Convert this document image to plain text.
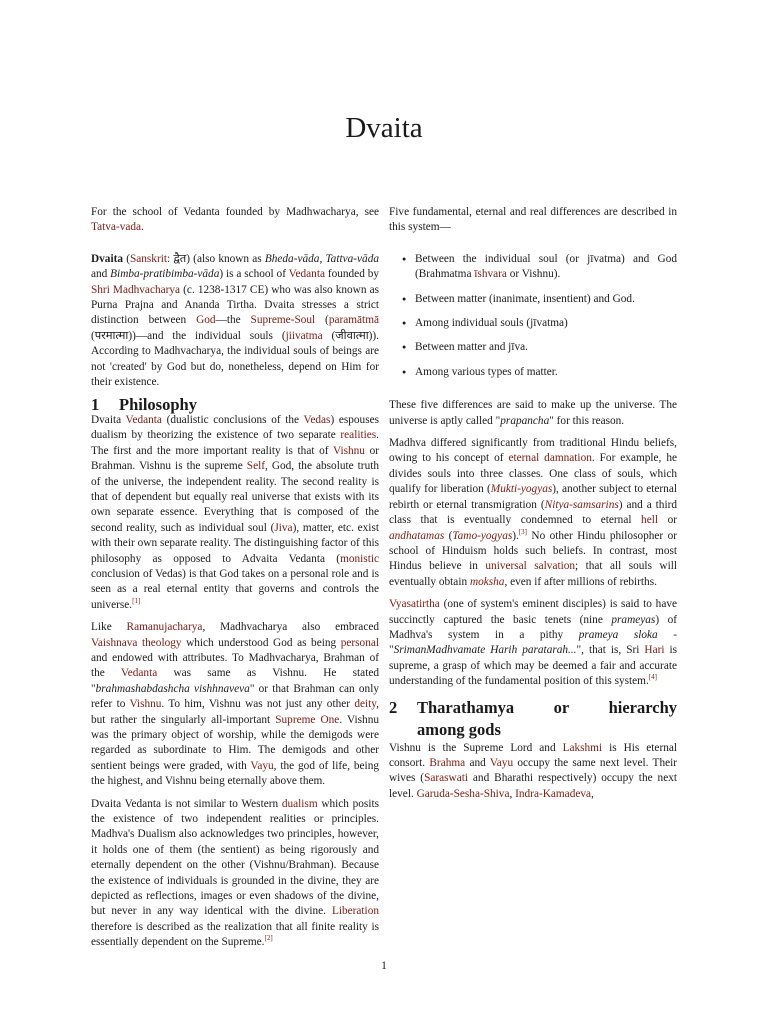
Dvaita

For the school of Vedanta founded by Madhwacharya, see Tatva-vada.

Dvaita (Sanskrit: द्वैत) (also known as Bheda-vāda, Tattva-vāda and Bimba-pratibimba-vāda) is a school of Vedanta founded by Shri Madhvacharya (c. 1238-1317 CE) who was also known as Purna Prajna and Ananda Tirtha. Dvaita stresses a strict distinction between God—the Supreme-Soul (paramātmā (परमात्मा))—and the individual souls (jiivatma (जीवात्मा)). According to Madhvacharya, the individual souls of beings are not 'created' by God but do, nonetheless, depend on Him for their existence.

1	Philosophy

Dvaita Vedanta (dualistic conclusions of the Vedas) espouses dualism by theorizing the existence of two separate realities. The first and the more important reality is that of Vishnu or Brahman. Vishnu is the supreme Self, God, the absolute truth of the universe, the independent reality. The second reality is that of dependent but equally real universe that exists with its own separate essence. Everything that is composed of the second reality, such as individual soul (Jiva), matter, etc. exist with their own separate reality. The distinguishing factor of this philosophy as opposed to Advaita Vedanta (monistic conclusion of Vedas) is that God takes on a personal role and is seen as a real eternal entity that governs and controls the universe.[1]

Like Ramanujacharya, Madhvacharya also embraced Vaishnava theology which understood God as being personal and endowed with attributes. To Madhvacharya, Brahman of the Vedanta was same as Vishnu. He stated "brahmashabdashcha vishhnaveva" or that Brahman can only refer to Vishnu. To him, Vishnu was not just any other deity, but rather the singularly all-important Supreme One. Vishnu was the primary object of worship, while the demigods were regarded as subordinate to Him. The demigods and other sentient beings were graded, with Vayu, the god of life, being the highest, and Vishnu being eternally above them.

Dvaita Vedanta is not similar to Western dualism which posits the existence of two independent realities or principles. Madhva's Dualism also acknowledges two principles, however, it holds one of them (the sentient) as being rigorously and eternally dependent on the other (Vishnu/Brahman). Because the existence of individuals is grounded in the divine, they are depicted as reflections, images or even shadows of the divine, but never in any way identical with the divine. Liberation therefore is described as the realization that all finite reality is essentially dependent on the Supreme.[2]

Five fundamental, eternal and real differences are described in this system—

● Between the individual soul (or jīvatma) and God (Brahmatma īshvara or Vishnu).
● Between matter (inanimate, insentient) and God.
● Among individual souls (jīvatma)
● Between matter and jīva.
● Among various types of matter.

These five differences are said to make up the universe. The universe is aptly called "prapancha" for this reason.

Madhva differed significantly from traditional Hindu beliefs, owing to his concept of eternal damnation. For example, he divides souls into three classes. One class of souls, which qualify for liberation (Mukti-yogyas), another subject to eternal rebirth or eternal transmigration (Nitya-samsarins) and a third class that is eventually condemned to eternal hell or andhatamas (Tamo-yogyas).[3] No other Hindu philosopher or school of Hinduism holds such beliefs. In contrast, most Hindus believe in universal salvation; that all souls will eventually obtain moksha, even if after millions of rebirths.

Vyasatirtha (one of system's eminent disciples) is said to have succinctly captured the basic tenets (nine prameyas) of Madhva's system in a pithy prameya sloka - "SrimanMadhvamate Harih paratarah...", that is, Sri Hari is supreme, a grasp of which may be deemed a fair and accurate understanding of the fundamental position of this system.[4]

2	Tharathamya or hierarchy
among gods

Vishnu is the Supreme Lord and Lakshmi is His eternal consort. Brahma and Vayu occupy the same next level. Their wives (Saraswati and Bharathi respectively) occupy the next level. Garuda-Sesha-Shiva, Indra-Kamadeva,

1
